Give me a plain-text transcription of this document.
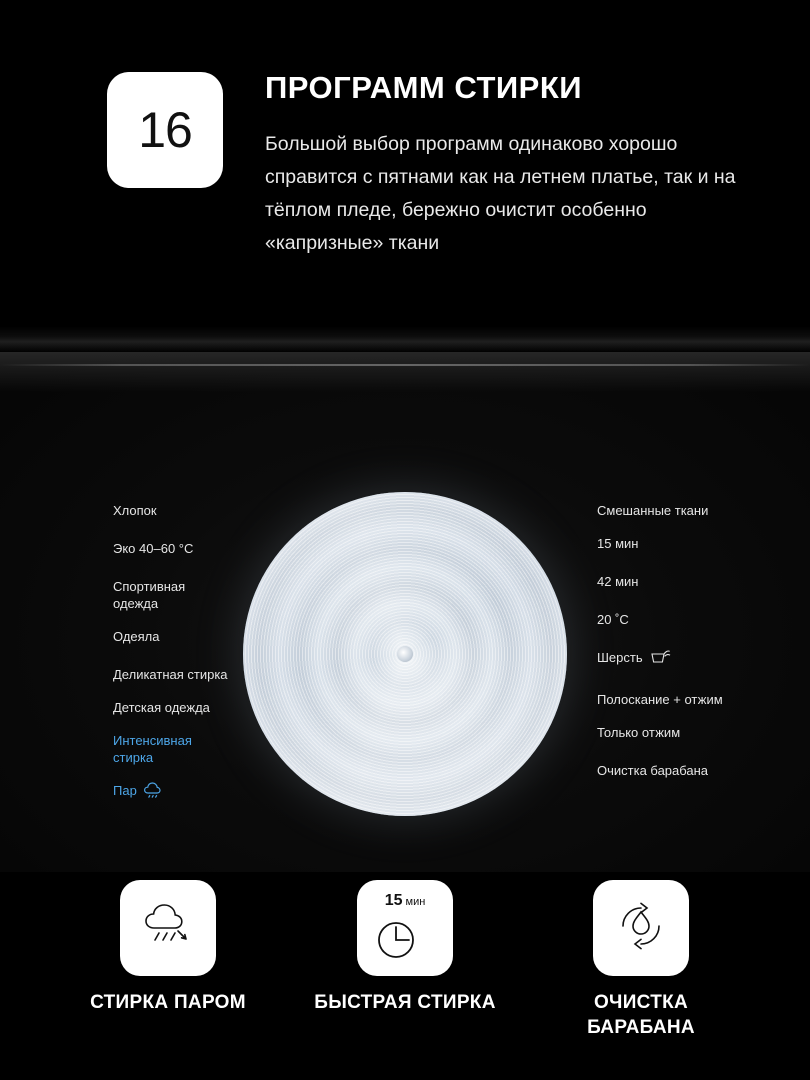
16
ПРОГРАММ СТИРКИ
Большой выбор программ одинаково хорошо справится с пятнами как на летнем платье, так и на тёплом пледе, бережно очистит особенно «капризные» ткани
Хлопок
Эко 40–60 °C
Спортивная одежда
Одеяла
Деликатная стирка
Детская одежда
Интенсивная стирка
Пар
Смешанные ткани
15 мин
42 мин
20 ˚C
Шерсть
Полоскание + отжим
Только отжим
Очистка барабана
СТИРКА ПАРОМ
15 мин
БЫСТРАЯ СТИРКА	ОЧИСТКА БАРАБАНА
